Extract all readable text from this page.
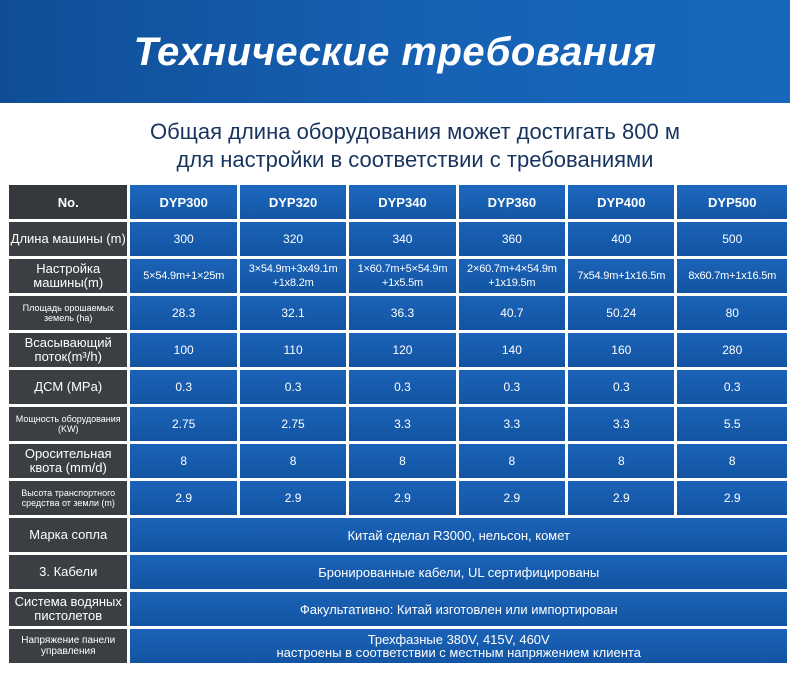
Технические требования
Общая длина оборудования может достигать 800 м
для настройки в соответствии с требованиями
No.	DYP300	DYP320	DYP340	DYP360	DYP400	DYP500
Длина машины (m)	300	320	340	360	400	500
Настройка машины(m)	5×54.9m+1×25m	3×54.9m+3x49.1m +1x8.2m	1×60.7m+5×54.9m +1x5.5m	2×60.7m+4×54.9m +1x19.5m	7x54.9m+1x16.5m	8x60.7m+1x16.5m
Площадь орошаемых земель (ha)	28.3	32.1	36.3	40.7	50.24	80
Всасывающий поток(m³/h)	100	110	120	140	160	280
ДСМ (MPa)	0.3	0.3	0.3	0.3	0.3	0.3
Мощность оборудования (KW)	2.75	2.75	3.3	3.3	3.3	5.5
Оросительная квота (mm/d)	8	8	8	8	8	8
Высота транспортного средства от земли (m)	2.9	2.9	2.9	2.9	2.9	2.9
Марка сопла	Китай сделал R3000, нельсон, комет					
3. Кабели	Бронированные кабели, UL сертифицированы					
Система водяных пистолетов	Факультативно: Китай изготовлен или импортирован					
Напряжение панели управления	Трехфазные 380V, 415V, 460V
настроены в соответствии с местным напряжением клиента					
